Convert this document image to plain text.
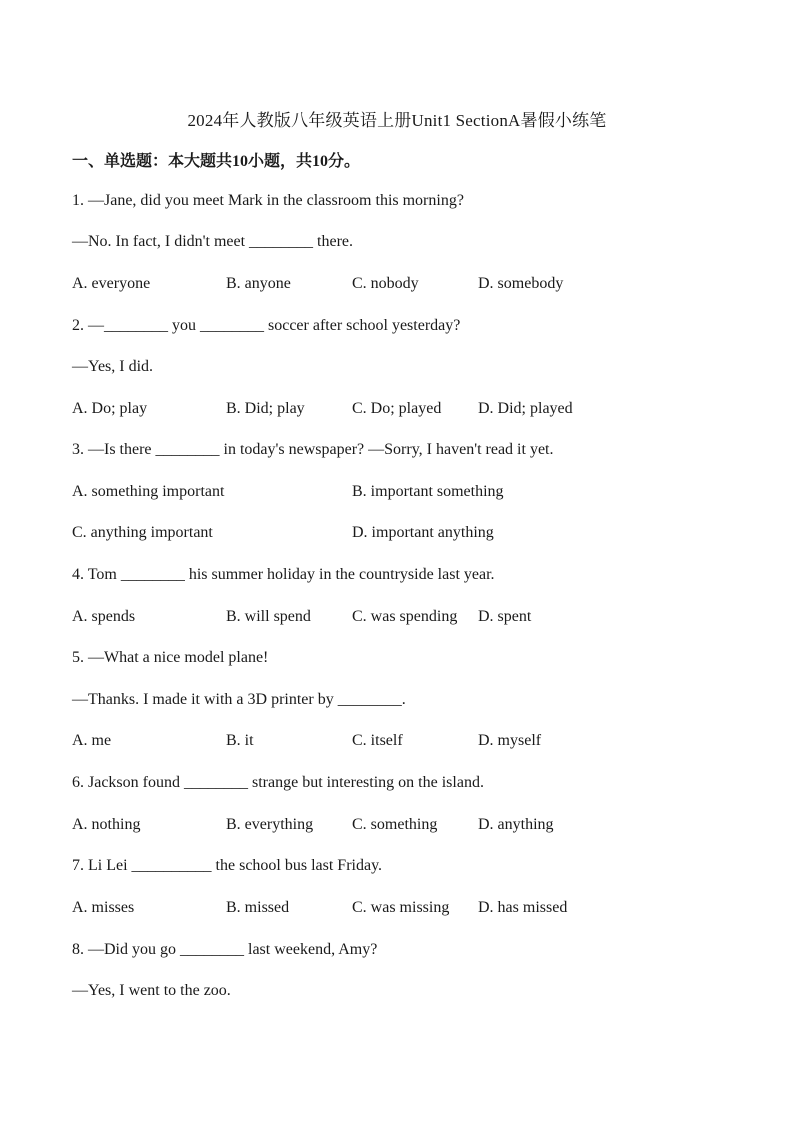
2024年人教版八年级英语上册Unit1 SectionA暑假小练笔
一、单选题：本大题共10小题，共10分。
1. —Jane, did you meet Mark in the classroom this morning?
—No. In fact, I didn't meet ________ there.
A. everyone	B. anyone	C. nobody	D. somebody
2. —________ you ________ soccer after school yesterday?
—Yes, I did.
A. Do; play	B. Did; play	C. Do; played D. Did; played
3. —Is there ________ in today's newspaper? —Sorry, I haven't read it yet.
A. something important	B. important something
C. anything important	D. important anything
4. Tom ________ his summer holiday in the countryside last year.
A. spends	B. will spend	C. was spending D. spent
5. —What a nice model plane!
—Thanks. I made it with a 3D printer by ________.
A. me	B. it	C. itself	D. myself
6. Jackson found ________ strange but interesting on the island.
A. nothing	B. everything C. something	D. anything
7. Li Lei __________ the school bus last Friday.
A. misses	B. missed	C. was missing D. has missed
8. —Did you go ________ last weekend, Amy?
—Yes, I went to the zoo.
